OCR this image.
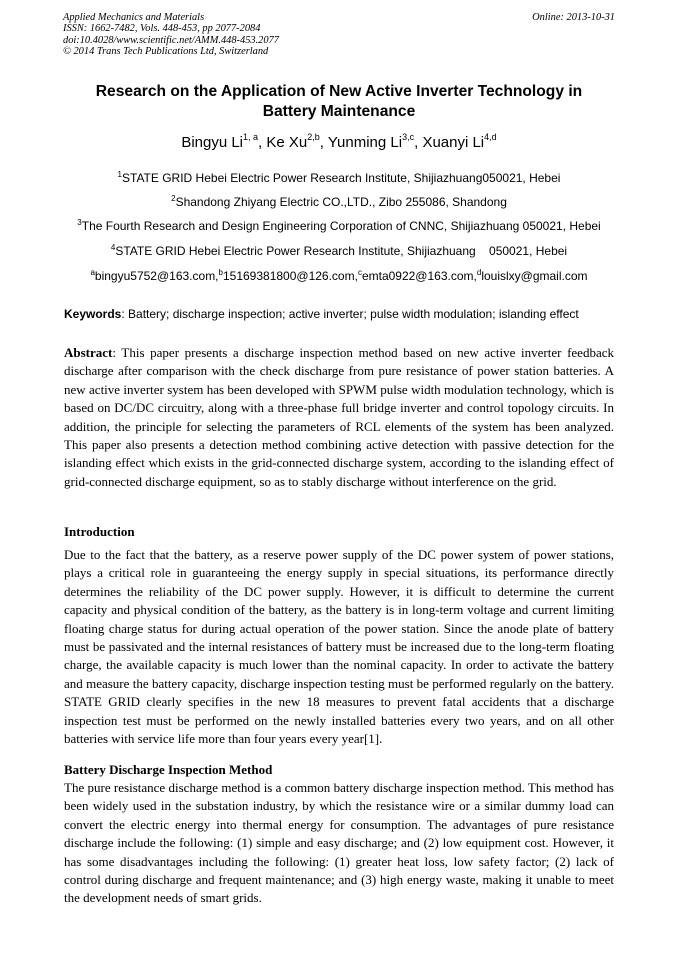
Applied Mechanics and Materials
ISSN: 1662-7482, Vols. 448-453, pp 2077-2084
doi:10.4028/www.scientific.net/AMM.448-453.2077
© 2014 Trans Tech Publications Ltd, Switzerland
Online: 2013-10-31
Research on the Application of New Active Inverter Technology in Battery Maintenance
Bingyu Li$^{1, a}$, Ke Xu$^{2,b}$, Yunming Li$^{3,c}$, Xuanyi Li$^{4,d}$
$^1$STATE GRID Hebei Electric Power Research Institute, Shijiazhuang050021, Hebei
$^2$Shandong Zhiyang Electric CO.,LTD., Zibo 255086, Shandong
$^3$The Fourth Research and Design Engineering Corporation of CNNC, Shijiazhuang 050021, Hebei
$^4$STATE GRID Hebei Electric Power Research Institute, Shijiazhuang    050021, Hebei
$^a$bingyu5752@163.com,$^b$15169381800@126.com,$^c$emta0922@163.com,$^d$louislxy@gmail.com
Keywords: Battery; discharge inspection; active inverter; pulse width modulation; islanding effect
Abstract: This paper presents a discharge inspection method based on new active inverter feedback discharge after comparison with the check discharge from pure resistance of power station batteries. A new active inverter system has been developed with SPWM pulse width modulation technology, which is based on DC/DC circuitry, along with a three-phase full bridge inverter and control topology circuits. In addition, the principle for selecting the parameters of RCL elements of the system has been analyzed. This paper also presents a detection method combining active detection with passive detection for the islanding effect which exists in the grid-connected discharge system, according to the islanding effect of grid-connected discharge equipment, so as to stably discharge without interference on the grid.
Introduction
Due to the fact that the battery, as a reserve power supply of the DC power system of power stations, plays a critical role in guaranteeing the energy supply in special situations, its performance directly determines the reliability of the DC power supply. However, it is difficult to determine the current capacity and physical condition of the battery, as the battery is in long-term voltage and current limiting floating charge status for during actual operation of the power station. Since the anode plate of battery must be passivated and the internal resistances of battery must be increased due to the long-term floating charge, the available capacity is much lower than the nominal capacity. In order to activate the battery and measure the battery capacity, discharge inspection testing must be performed regularly on the battery. STATE GRID clearly specifies in the new 18 measures to prevent fatal accidents that a discharge inspection test must be performed on the newly installed batteries every two years, and on all other batteries with service life more than four years every year[1].
Battery Discharge Inspection Method
The pure resistance discharge method is a common battery discharge inspection method. This method has been widely used in the substation industry, by which the resistance wire or a similar dummy load can convert the electric energy into thermal energy for consumption. The advantages of pure resistance discharge include the following: (1) simple and easy discharge; and (2) low equipment cost. However, it has some disadvantages including the following: (1) greater heat loss, low safety factor; (2) lack of control during discharge and frequent maintenance; and (3) high energy waste, making it unable to meet the development needs of smart grids.
